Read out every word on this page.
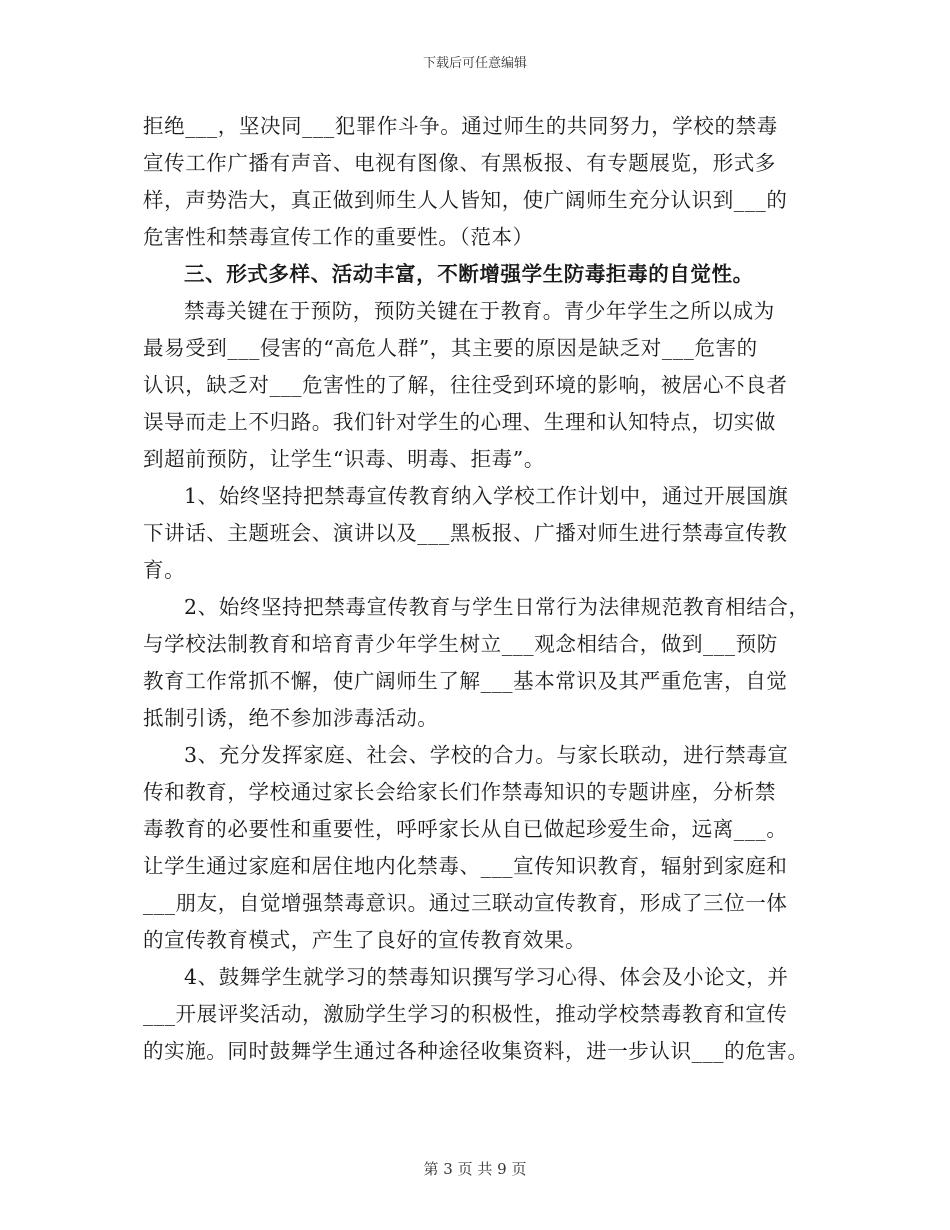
下载后可任意编辑
拒绝___，坚决同___犯罪作斗争。通过师生的共同努力，学校的禁毒
宣传工作广播有声音、电视有图像、有黑板报、有专题展览，形式多
样，声势浩大，真正做到师生人人皆知，使广阔师生充分认识到___的
危害性和禁毒宣传工作的重要性。（范本）
三、形式多样、活动丰富，不断增强学生防毒拒毒的自觉性。
禁毒关键在于预防，预防关键在于教育。青少年学生之所以成为
最易受到___侵害的“高危人群”，其主要的原因是缺乏对___危害的
认识，缺乏对___危害性的了解，往往受到环境的影响，被居心不良者
误导而走上不归路。我们针对学生的心理、生理和认知特点，切实做
到超前预防，让学生“识毒、明毒、拒毒”。
1、始终坚持把禁毒宣传教育纳入学校工作计划中，通过开展国旗
下讲话、主题班会、演讲以及___黑板报、广播对师生进行禁毒宣传教
育。
2、始终坚持把禁毒宣传教育与学生日常行为法律规范教育相结合，
与学校法制教育和培育青少年学生树立___观念相结合，做到___预防
教育工作常抓不懈，使广阔师生了解___基本常识及其严重危害，自觉
抵制引诱，绝不参加涉毒活动。
3、充分发挥家庭、社会、学校的合力。与家长联动，进行禁毒宣
传和教育，学校通过家长会给家长们作禁毒知识的专题讲座，分析禁
毒教育的必要性和重要性，呼呼家长从自已做起珍爱生命，远离___。
让学生通过家庭和居住地内化禁毒、___宣传知识教育，辐射到家庭和
___朋友，自觉增强禁毒意识。通过三联动宣传教育，形成了三位一体
的宣传教育模式，产生了良好的宣传教育效果。
4、鼓舞学生就学习的禁毒知识撰写学习心得、体会及小论文，并
___开展评奖活动，激励学生学习的积极性，推动学校禁毒教育和宣传
的实施。同时鼓舞学生通过各种途径收集资料，进一步认识___的危害。
第 3 页 共 9 页
